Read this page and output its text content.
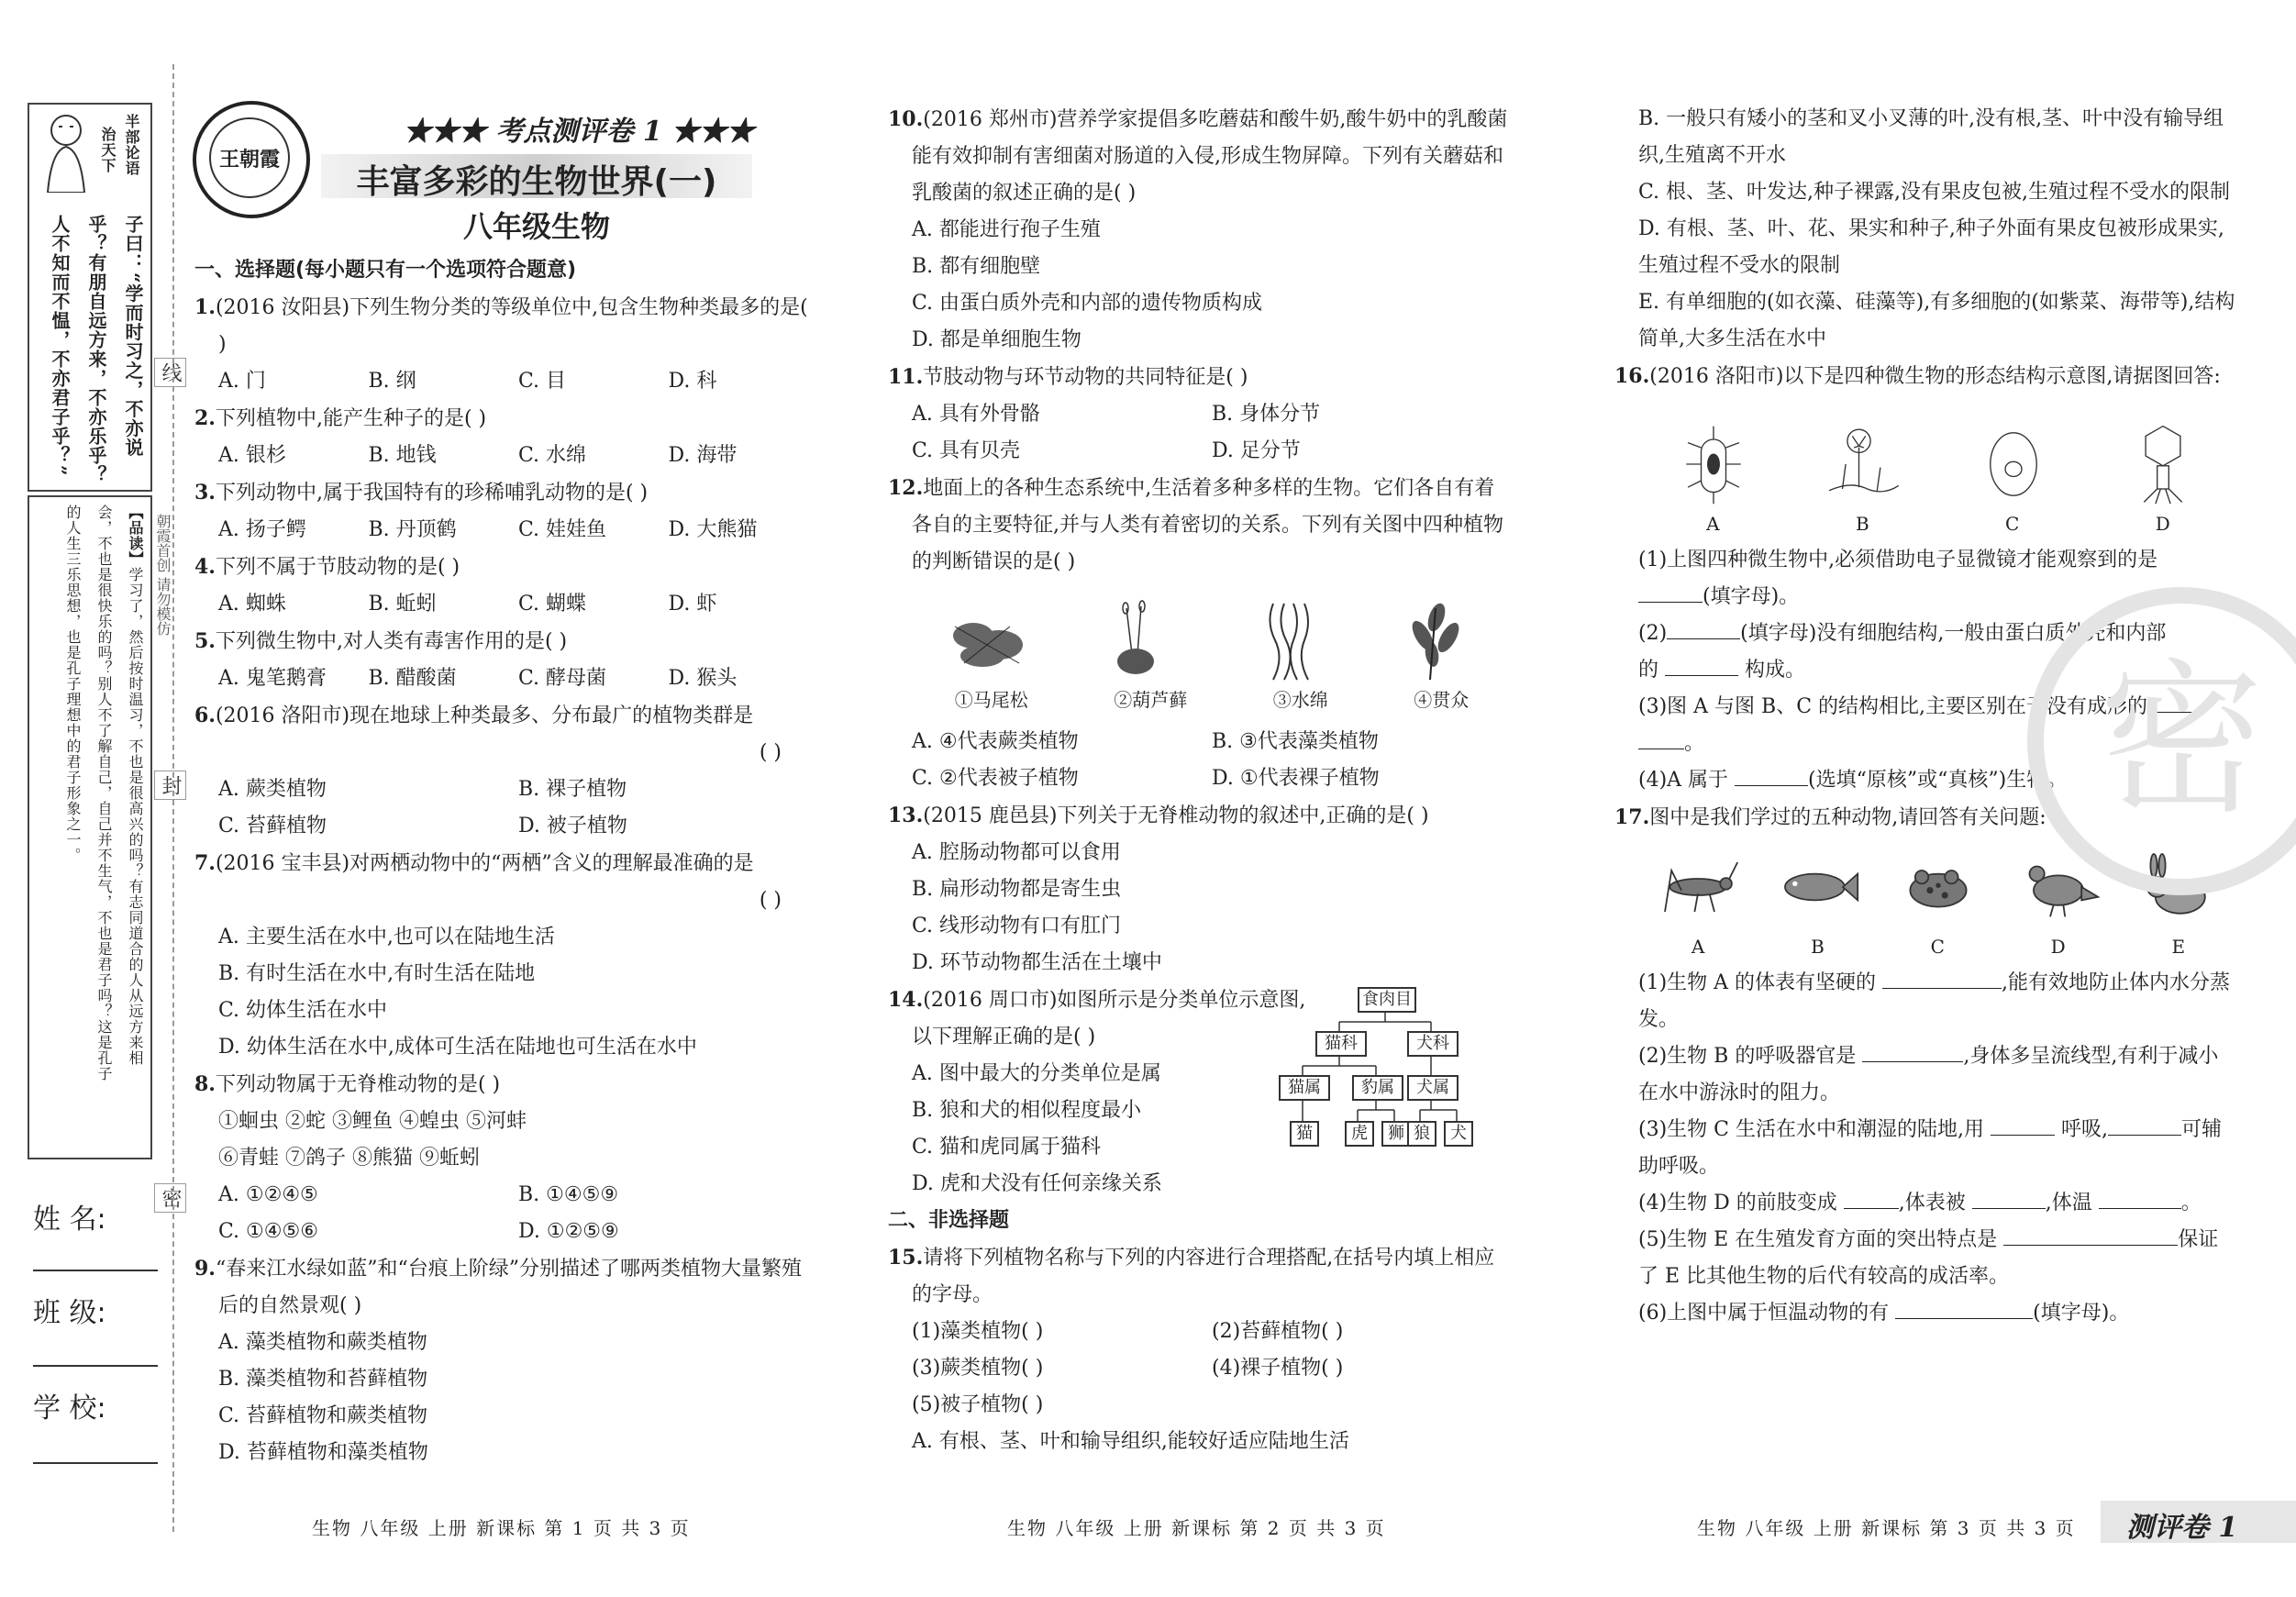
半部论语
治天下
子曰：“学而时习之，不亦说
乎？有朋自远方来，不亦乐乎？
人不知而不愠，不亦君子乎？”
【品读】学习了，然后按时温习，不也是很高兴的吗？有志同道合的人从远方来相
会，不也是很快乐的吗？别人不了解自己，自己并不生气，不也是君子吗？这是孔子
的人生三乐思想，也是孔子理想中的君子形象之一。	朝霞首创 请勿模仿
线
封
密
姓 名:
班 级:
学 校:
王朝霞
★★★ 考点测评卷 1 ★★★
丰富多彩的生物世界(一)
八年级生物
一、选择题(每小题只有一个选项符合题意)

1.(2016 汝阳县)下列生物分类的等级单位中,包含生物种类最多的是( )

A. 门	B. 纲	C. 目	D. 科

2.下列植物中,能产生种子的是( )

A. 银杉	B. 地钱	C. 水绵	D. 海带

3.下列动物中,属于我国特有的珍稀哺乳动物的是( )

A. 扬子鳄	B. 丹顶鹤	C. 娃娃鱼	D. 大熊猫

4.下列不属于节肢动物的是( )

A. 蜘蛛	B. 蚯蚓	C. 蝴蝶	D. 虾

5.下列微生物中,对人类有毒害作用的是( )

A. 鬼笔鹅膏	B. 醋酸菌	C. 酵母菌	D. 猴头

6.(2016 洛阳市)现在地球上种类最多、分布最广的植物类群是

( )
A. 蕨类植物	B. 裸子植物
C. 苔藓植物	D. 被子植物

7.(2016 宝丰县)对两栖动物中的“两栖”含义的理解最准确的是

( )
A. 主要生活在水中,也可以在陆地生活
B. 有时生活在水中,有时生活在陆地
C. 幼体生活在水中
D. 幼体生活在水中,成体可生活在陆地也可生活在水中

8.下列动物属于无脊椎动物的是( )

①蛔虫 ②蛇 ③鲤鱼 ④蝗虫 ⑤河蚌
⑥青蛙 ⑦鸽子 ⑧熊猫 ⑨蚯蚓
A. ①②④⑤	B. ①④⑤⑨
C. ①④⑤⑥	D. ①②⑤⑨

9.“春来江水绿如蓝”和“台痕上阶绿”分别描述了哪两类植物大量繁殖后的自然景观( )

A. 藻类植物和蕨类植物
B. 藻类植物和苔藓植物
C. 苔藓植物和蕨类植物
D. 苔藓植物和藻类植物

10.(2016 郑州市)营养学家提倡多吃蘑菇和酸牛奶,酸牛奶中的乳酸菌能有效抑制有害细菌对肠道的入侵,形成生物屏障。下列有关蘑菇和乳酸菌的叙述正确的是( )

A. 都能进行孢子生殖
B. 都有细胞壁
C. 由蛋白质外壳和内部的遗传物质构成
D. 都是单细胞生物

11.节肢动物与环节动物的共同特征是( )

A. 具有外骨骼	B. 身体分节
C. 具有贝壳	D. 足分节

12.地面上的各种生态系统中,生活着多种多样的生物。它们各自有着各自的主要特征,并与人类有着密切的关系。下列有关图中四种植物的判断错误的是( )

①马尾松	②葫芦藓	③水绵	④贯众
A. ④代表蕨类植物	B. ③代表藻类植物
C. ②代表被子植物	D. ①代表裸子植物

13.(2015 鹿邑县)下列关于无脊椎动物的叙述中,正确的是( )

A. 腔肠动物都可以食用
B. 扁形动物都是寄生虫
C. 线形动物有口有肛门
D. 环节动物都生活在土壤中

14.(2016 周口市)如图所示是分类单位示意图,

以下理解正确的是( )
A. 图中最大的分类单位是属
B. 狼和犬的相似程度最小
C. 猫和虎同属于猫科
D. 虎和犬没有任何亲缘关系
食肉目
猫科	犬科
猫属	豹属	犬属
猫	虎	狮 狼	犬
二、非选择题

15.请将下列植物名称与下列的内容进行合理搭配,在括号内填上相应的字母。

(1)藻类植物( )	(2)苔藓植物( )
(3)蕨类植物( )	(4)裸子植物( )
(5)被子植物( )
A. 有根、茎、叶和输导组织,能较好适应陆地生活
B. 一般只有矮小的茎和叉小叉薄的叶,没有根,茎、叶中没有输导组织,生殖离不开水
C. 根、茎、叶发达,种子裸露,没有果皮包被,生殖过程不受水的限制
D. 有根、茎、叶、花、果实和种子,种子外面有果皮包被形成果实,生殖过程不受水的限制
E. 有单细胞的(如衣藻、硅藻等),有多细胞的(如紫菜、海带等),结构简单,大多生活在水中

16.(2016 洛阳市)以下是四种微生物的形态结构示意图,请据图回答:

A	B	C	D
(1)上图四种微生物中,必须借助电子显微镜才能观察到的是
(填字母)。
(2)	(填字母)没有细胞结构,一般由蛋白质外壳和内部
的	构成。
(3)图 A 与图 B、C 的结构相比,主要区别在于没有成形的
。
(4)A 属于	(选填“原核”或“真核”)生物。

17.图中是我们学过的五种动物,请回答有关问题:

A	B	C	D	E
(1)生物 A 的体表有坚硬的	,能有效地防止体内水分蒸发。
(2)生物 B 的呼吸器官是	,身体多呈流线型,有利于减小在水中游泳时的阻力。
(3)生物 C 生活在水中和潮湿的陆地,用	呼吸,	可辅助呼吸。
(4)生物 D 的前肢变成	,体表被	,体温	。
(5)生物 E 在生殖发育方面的突出特点是	保证了 E 比其他生物的后代有较高的成活率。
(6)上图中属于恒温动物的有	(填字母)。
密
生物 八年级 上册 新课标 第 1 页 共 3 页	生物 八年级 上册 新课标 第 2 页 共 3 页	生物 八年级 上册 新课标 第 3 页 共 3 页 测评卷 1
